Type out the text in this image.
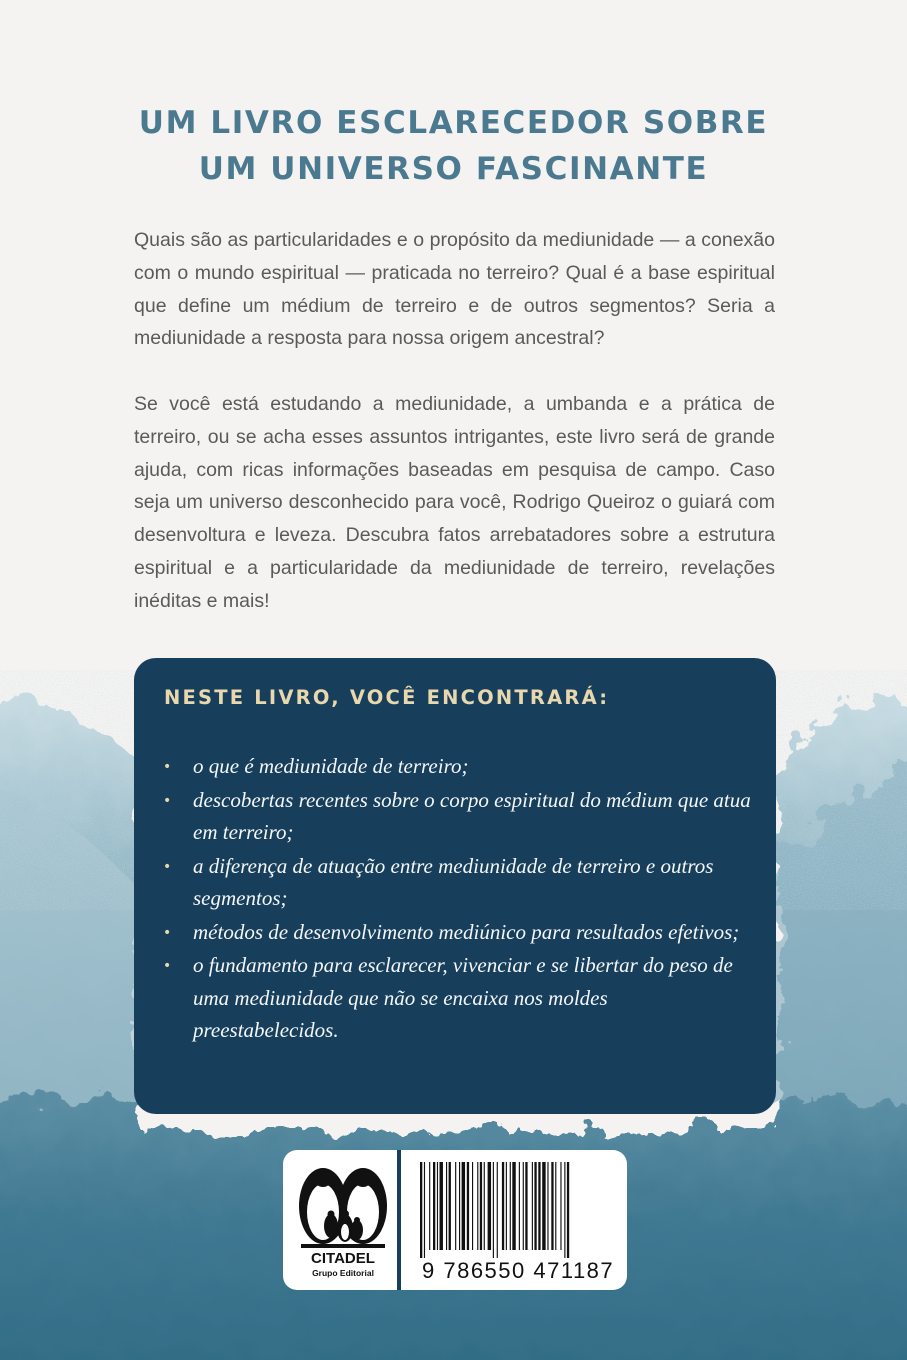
UM LIVRO ESCLARECEDOR SOBRE
UM UNIVERSO FASCINANTE

Quais são as particularidades e o propósito da mediunidade — a conexão com o mundo espiritual — praticada no terreiro? Qual é a base espiritual que define um médium de terreiro e de outros segmentos? Seria a mediunidade a resposta para nossa origem ancestral?

Se você está estudando a mediunidade, a umbanda e a prática de terreiro, ou se acha esses assuntos intrigantes, este livro será de grande ajuda, com ricas informações baseadas em pesquisa de campo. Caso seja um universo desconhecido para você, Rodrigo Queiroz o guiará com desenvoltura e leveza. Descubra fatos arrebatadores sobre a estrutura espiritual e a particularidade da mediunidade de terreiro, revelações inéditas e mais!

NESTE LIVRO, VOCÊ ENCONTRARÁ:
• o que é mediunidade de terreiro;
• descobertas recentes sobre o corpo espiritual do médium que atua em terreiro;
• a diferença de atuação entre mediunidade de terreiro e outros segmentos;
• métodos de desenvolvimento mediúnico para resultados efetivos;
• o fundamento para esclarecer, vivenciar e se libertar do peso de uma mediunidade que não se encaixa nos moldes preestabelecidos.
CITADEL
Grupo Editorial	9 786550 471187
